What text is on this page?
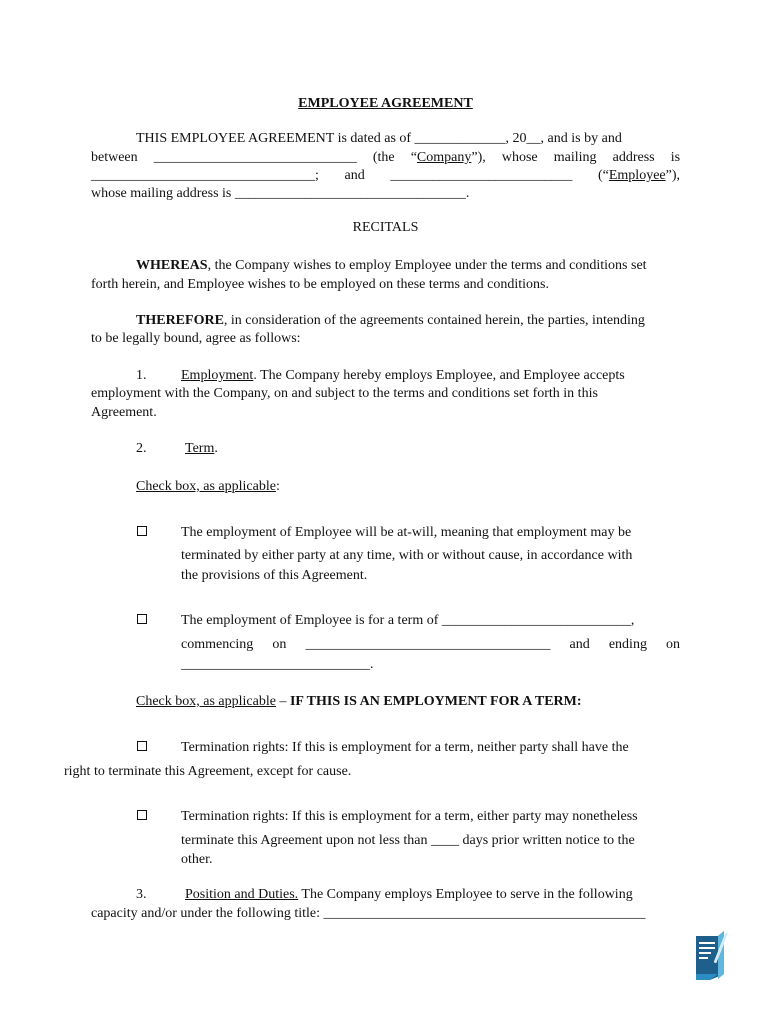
EMPLOYEE AGREEMENT
THIS EMPLOYEE AGREEMENT is dated as of _____________, 20__, and is by and
between _____________________________ (the “Company”), whose mailing address is
________________________________; and __________________________ (“Employee”),
whose mailing address is _________________________________.
RECITALS
WHEREAS, the Company wishes to employ Employee under the terms and conditions set
forth herein, and Employee wishes to be employed on these terms and conditions.
THEREFORE, in consideration of the agreements contained herein, the parties, intending
to be legally bound, agree as follows:
1. Employment. The Company hereby employs Employee, and Employee accepts
employment with the Company, on and subject to the terms and conditions set forth in this
Agreement.
2.	Term.
Check box, as applicable:
The employment of Employee will be at-will, meaning that employment may be
terminated by either party at any time, with or without cause, in accordance with
the provisions of this Agreement.
The employment of Employee is for a term of ___________________________,
commencing on ___________________________________ and ending on
___________________________.
Check box, as applicable – IF THIS IS AN EMPLOYMENT FOR A TERM:
Termination rights: If this is employment for a term, neither party shall have the
right to terminate this Agreement, except for cause.
Termination rights: If this is employment for a term, either party may nonetheless
terminate this Agreement upon not less than ____ days prior written notice to the
other.
3.	Position and Duties. The Company employs Employee to serve in the following
capacity and/or under the following title: ______________________________________________
